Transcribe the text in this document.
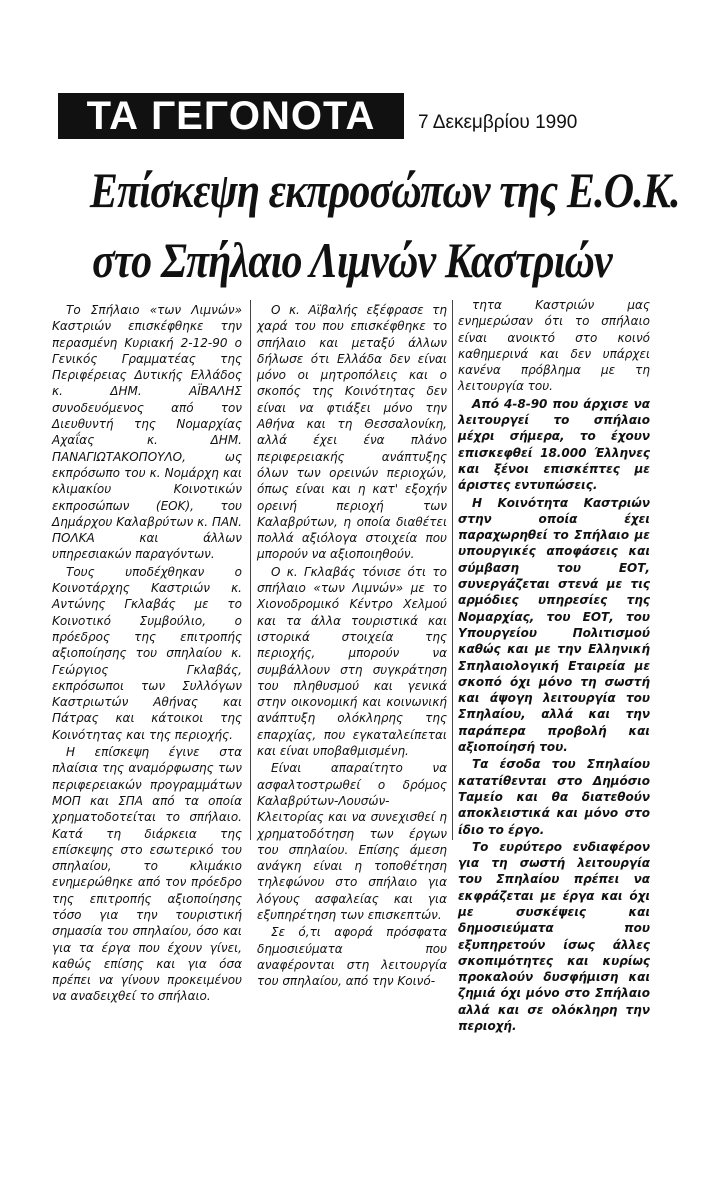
ΤΑ ΓΕΓΟΝΟΤΑ	7 Δεκεμβρίου 1990
Επίσκεψη εκπροσώπων της Ε.Ο.Κ.
στο Σπήλαιο Λιμνών Καστριών

Το Σπήλαιο «των Λιμνών» Καστριών επισκέφθηκε την περασμένη Κυριακή 2-12-90 ο Γενικός Γραμματέας της Περιφέρειας Δυτικής Ελλάδος κ. ΔΗΜ. ΑΪΒΑΛΗΣ συνοδευόμενος από τον Διευθυντή της Νομαρχίας Αχαΐας κ. ΔΗΜ. ΠΑΝΑΓΙΩΤΑΚΟΠΟΥΛΟ, ως εκπρόσωπο του κ. Νομάρχη και κλιμακίου Κοινοτικών εκπροσώπων (ΕΟΚ), του Δημάρχου Καλαβρύτων κ. ΠΑΝ. ΠΟΛΚΑ και άλλων υπηρεσιακών παραγόντων.

Τους υποδέχθηκαν ο Κοινοτάρχης Καστριών κ. Αντώνης Γκλαβάς με το Κοινοτικό Συμβούλιο, ο πρόεδρος της επιτροπής αξιοποίησης του σπηλαίου κ. Γεώργιος Γκλαβάς, εκπρόσωποι των Συλλόγων Καστριωτών Αθήνας και Πάτρας και κάτοικοι της Κοινότητας και της περιοχής.

Η επίσκεψη έγινε στα πλαίσια της αναμόρφωσης των περιφερειακών προγραμμάτων ΜΟΠ και ΣΠΑ από τα οποία χρηματοδοτείται το σπήλαιο. Κατά τη διάρκεια της επίσκεψης στο εσωτερικό του σπηλαίου, το κλιμάκιο ενημερώθηκε από τον πρόεδρο της επιτροπής αξιοποίησης τόσο για την τουριστική σημασία του σπηλαίου, όσο και για τα έργα που έχουν γίνει, καθώς επίσης και για όσα πρέπει να γίνουν προκειμένου να αναδειχθεί το σπήλαιο.

Ο κ. Αϊβαλής εξέφρασε τη χαρά του που επισκέφθηκε το σπήλαιο και μεταξύ άλλων δήλωσε ότι Ελλάδα δεν είναι μόνο οι μητροπόλεις και ο σκοπός της Κοινότητας δεν είναι να φτιάξει μόνο την Αθήνα και τη Θεσσαλονίκη, αλλά έχει ένα πλάνο περιφερειακής ανάπτυξης όλων των ορεινών περιοχών, όπως είναι και η κατ' εξοχήν ορεινή περιοχή των Καλαβρύτων, η οποία διαθέτει πολλά αξιόλογα στοιχεία που μπορούν να αξιοποιηθούν.

Ο κ. Γκλαβάς τόνισε ότι το σπήλαιο «των Λιμνών» με το Χιονοδρομικό Κέντρο Χελμού και τα άλλα τουριστικά και ιστορικά στοιχεία της περιοχής, μπορούν να συμβάλλουν στη συγκράτηση του πληθυσμού και γενικά στην οικονομική και κοινωνική ανάπτυξη ολόκληρης της επαρχίας, που εγκαταλείπεται και είναι υποβαθμισμένη.

Είναι απαραίτητο να ασφαλτοστρωθεί ο δρόμος Καλαβρύτων-Λουσών-Κλειτορίας και να συνεχισθεί η χρηματοδότηση των έργων του σπηλαίου. Επίσης άμεση ανάγκη είναι η τοποθέτηση τηλεφώνου στο σπήλαιο για λόγους ασφαλείας και για εξυπηρέτηση των επισκεπτών.

Σε ό,τι αφορά πρόσφατα δημοσιεύματα που αναφέρονται στη λειτουργία του σπηλαίου, από την Κοινό-

τητα Καστριών μας ενημερώσαν ότι το σπήλαιο είναι ανοικτό στο κοινό καθημερινά και δεν υπάρχει κανένα πρόβλημα με τη λειτουργία του.

Από 4-8-90 που άρχισε να λειτουργεί το σπήλαιο μέχρι σήμερα, το έχουν επισκεφθεί 18.000 Έλληνες και ξένοι επισκέπτες με άριστες εντυπώσεις.

Η Κοινότητα Καστριών στην οποία έχει παραχωρηθεί το Σπήλαιο με υπουργικές αποφάσεις και σύμβαση του ΕΟΤ, συνεργάζεται στενά με τις αρμόδιες υπηρεσίες της Νομαρχίας, του ΕΟΤ, του Υπουργείου Πολιτισμού καθώς και με την Ελληνική Σπηλαιολογική Εταιρεία με σκοπό όχι μόνο τη σωστή και άψογη λειτουργία του Σπηλαίου, αλλά και την παράπερα προβολή και αξιοποίησή του.

Τα έσοδα του Σπηλαίου κατατίθενται στο Δημόσιο Ταμείο και θα διατεθούν αποκλειστικά και μόνο στο ίδιο το έργο.

Το ευρύτερο ενδιαφέρον για τη σωστή λειτουργία του Σπηλαίου πρέπει να εκφράζεται με έργα και όχι με συσκέψεις και δημοσιεύματα που εξυπηρετούν ίσως άλλες σκοπιμότητες και κυρίως προκαλούν δυσφήμιση και ζημιά όχι μόνο στο Σπήλαιο αλλά και σε ολόκληρη την περιοχή.
